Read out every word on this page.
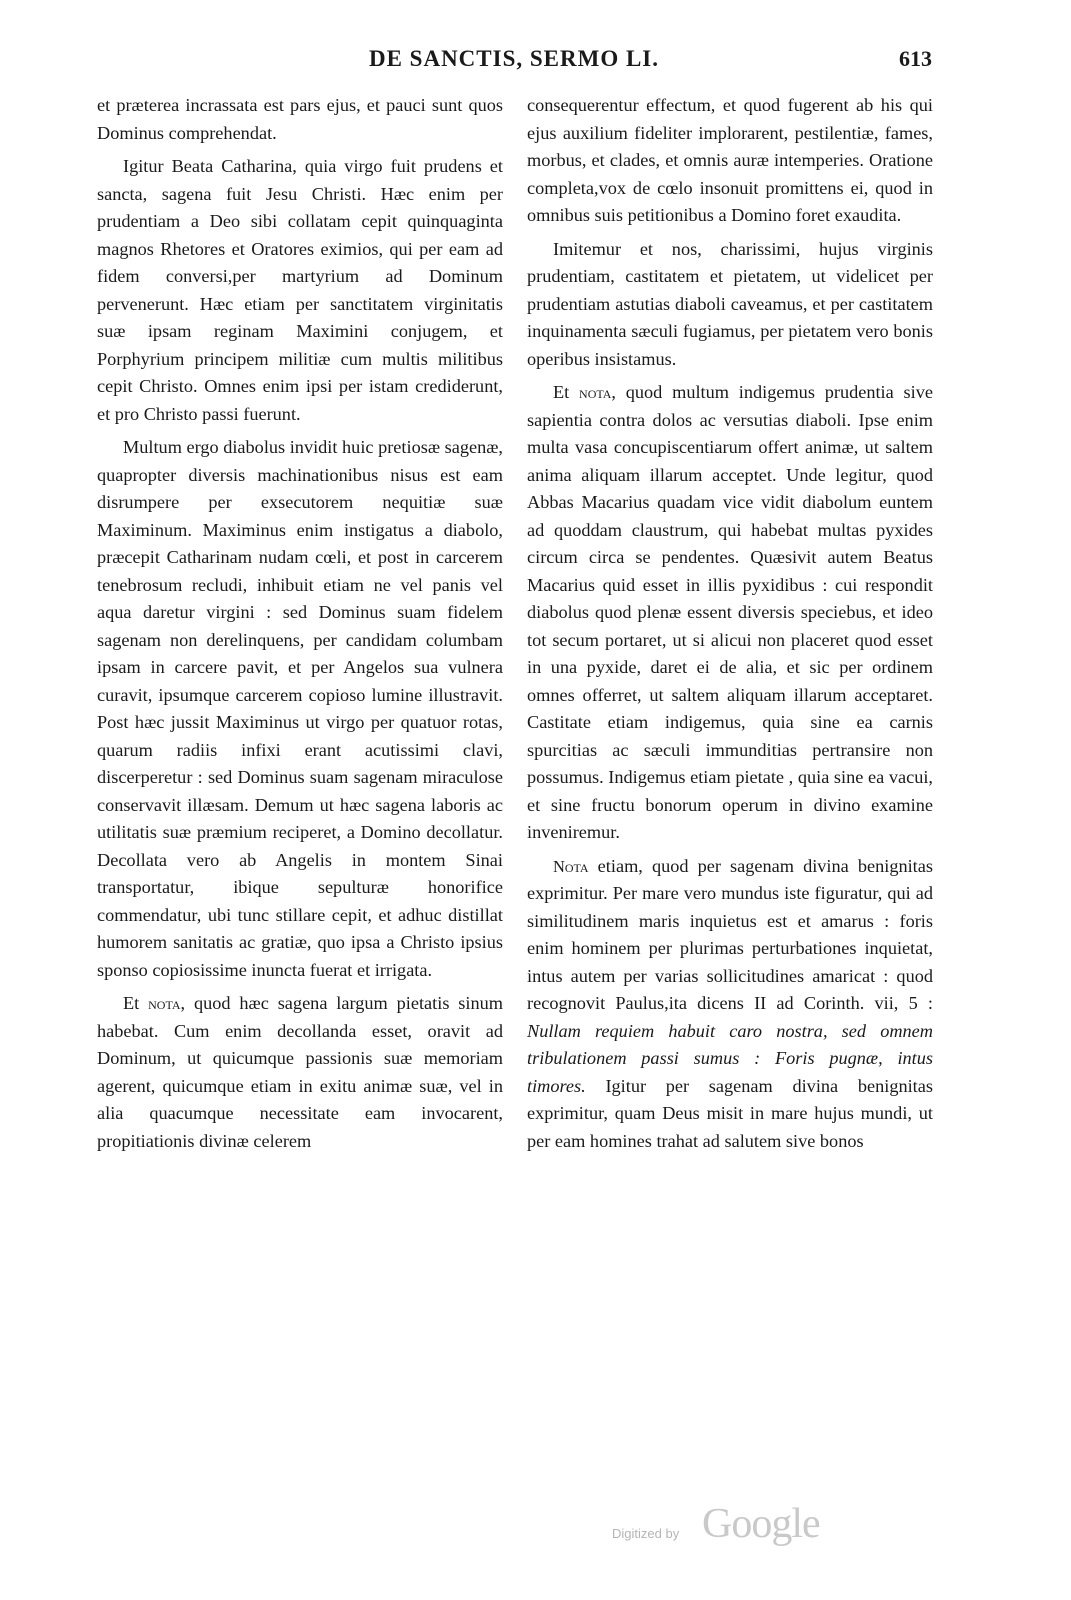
DE SANCTIS, SERMO LI.	613

et præterea incrassata est pars ejus, et pauci sunt quos Dominus comprehendat.

Igitur Beata Catharina, quia virgo fuit prudens et sancta, sagena fuit Jesu Christi. Hæc enim per prudentiam a Deo sibi collatam cepit quinquaginta magnos Rhetores et Oratores eximios, qui per eam ad fidem conversi,per martyrium ad Dominum pervenerunt. Hæc etiam per sanctitatem virginitatis suæ ipsam reginam Maximini conjugem, et Porphyrium principem militiæ cum multis militibus cepit Christo. Omnes enim ipsi per istam crediderunt, et pro Christo passi fuerunt.

Multum ergo diabolus invidit huic pretiosæ sagenæ, quapropter diversis machinationibus nisus est eam disrumpere per exsecutorem nequitiæ suæ Maximinum. Maximinus enim instigatus a diabolo, præcepit Catharinam nudam cœli, et post in carcerem tenebrosum recludi, inhibuit etiam ne vel panis vel aqua daretur virgini : sed Dominus suam fidelem sagenam non derelinquens, per candidam columbam ipsam in carcere pavit, et per Angelos sua vulnera curavit, ipsumque carcerem copioso lumine illustravit. Post hæc jussit Maximinus ut virgo per quatuor rotas, quarum radiis infixi erant acutissimi clavi, discerperetur : sed Dominus suam sagenam miraculose conservavit illæsam. Demum ut hæc sagena laboris ac utilitatis suæ præmium reciperet, a Domino decollatur. Decollata vero ab Angelis in montem Sinai transportatur, ibique sepulturæ honorifice commendatur, ubi tunc stillare cepit, et adhuc distillat humorem sanitatis ac gratiæ, quo ipsa a Christo ipsius sponso copiosissime inuncta fuerat et irrigata.

Et nota, quod hæc sagena largum pietatis sinum habebat. Cum enim decollanda esset, oravit ad Dominum, ut quicumque passionis suæ memoriam agerent, quicumque etiam in exitu animæ suæ, vel in alia quacumque necessitate eam invocarent, propitiationis divinæ celerem

consequerentur effectum, et quod fugerent ab his qui ejus auxilium fideliter implorarent, pestilentiæ, fames, morbus, et clades, et omnis auræ intemperies. Oratione completa,vox de cœlo insonuit promittens ei, quod in omnibus suis petitionibus a Domino foret exaudita.

Imitemur et nos, charissimi, hujus virginis prudentiam, castitatem et pietatem, ut videlicet per prudentiam astutias diaboli caveamus, et per castitatem inquinamenta sæculi fugiamus, per pietatem vero bonis operibus insistamus.

Et nota, quod multum indigemus prudentia sive sapientia contra dolos ac versutias diaboli. Ipse enim multa vasa concupiscentiarum offert animæ, ut saltem anima aliquam illarum acceptet. Unde legitur, quod Abbas Macarius quadam vice vidit diabolum euntem ad quoddam claustrum, qui habebat multas pyxides circum circa se pendentes. Quæsivit autem Beatus Macarius quid esset in illis pyxidibus : cui respondit diabolus quod plenæ essent diversis speciebus, et ideo tot secum portaret, ut si alicui non placeret quod esset in una pyxide, daret ei de alia, et sic per ordinem omnes offerret, ut saltem aliquam illarum acceptaret. Castitate etiam indigemus, quia sine ea carnis spurcitias ac sæculi immunditias pertransire non possumus. Indigemus etiam pietate , quia sine ea vacui, et sine fructu bonorum operum in divino examine inveniremur.

Nota etiam, quod per sagenam divina benignitas exprimitur. Per mare vero mundus iste figuratur, qui ad similitudinem maris inquietus est et amarus : foris enim hominem per plurimas perturbationes inquietat, intus autem per varias sollicitudines amaricat : quod recognovit Paulus,ita dicens II ad Corinth. vii, 5 : Nullam requiem habuit caro nostra, sed omnem tribulationem passi sumus : Foris pugnæ, intus timores. Igitur per sagenam divina benignitas exprimitur, quam Deus misit in mare hujus mundi, ut per eam homines trahat ad salutem sive bonos

Digitized by Google
